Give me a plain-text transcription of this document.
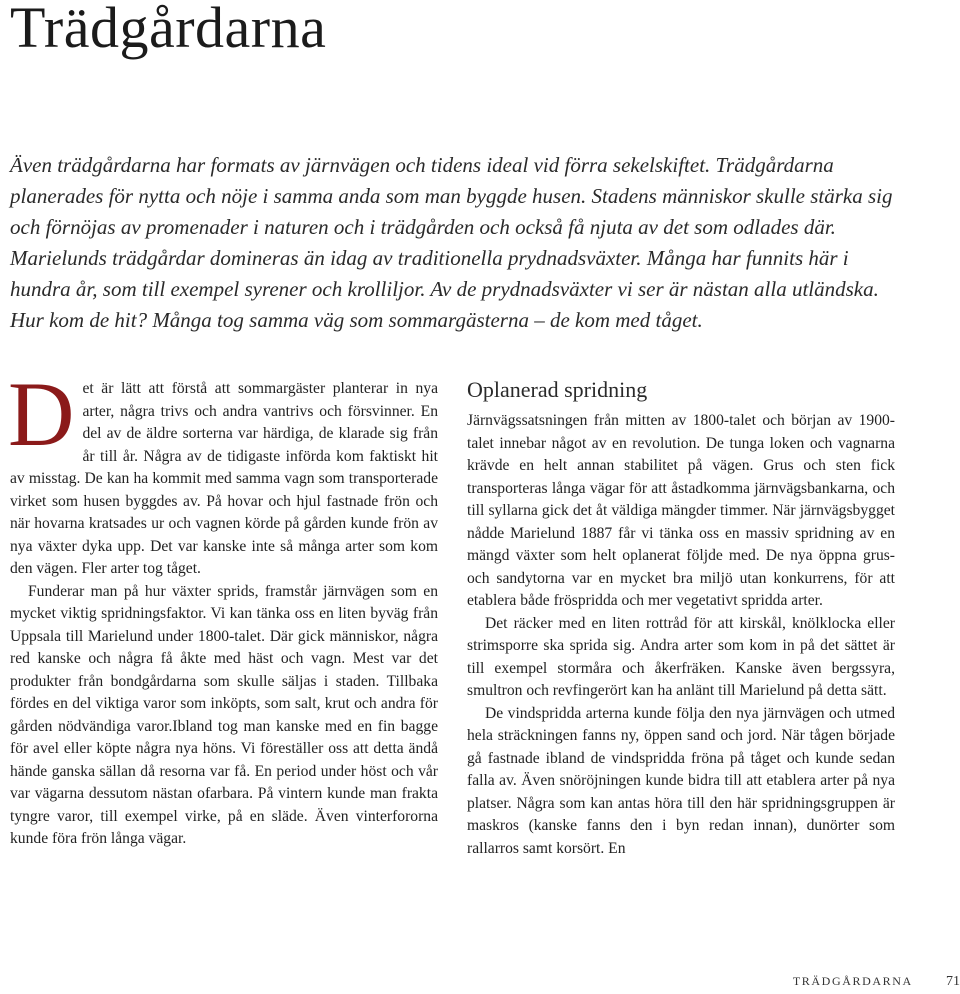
Trädgårdarna

Även trädgårdarna har formats av järnvägen och tidens ideal vid förra sekelskiftet. Trädgårdarna planerades för nytta och nöje i samma anda som man byggde husen. Stadens människor skulle stärka sig och förnöjas av promenader i naturen och i trädgården och också få njuta av det som odlades där. Marielunds trädgårdar domineras än idag av traditionella prydnadsväxter. Många har funnits här i hundra år, som till exempel syrener och krolliljor. Av de prydnadsväxter vi ser är nästan alla utländska. Hur kom de hit? Många tog samma väg som sommargästerna – de kom med tåget.

Det är lätt att förstå att sommargäster planterar in nya arter, några trivs och andra vantrivs och försvinner. En del av de äldre sorterna var härdiga, de klarade sig från år till år. Några av de tidigaste införda kom faktiskt hit av misstag. De kan ha kommit med samma vagn som transporterade virket som husen byggdes av. På hovar och hjul fastnade frön och när hovarna kratsades ur och vagnen körde på gården kunde frön av nya växter dyka upp. Det var kanske inte så många arter som kom den vägen. Fler arter tog tåget.

Funderar man på hur växter sprids, framstår järnvägen som en mycket viktig spridningsfaktor. Vi kan tänka oss en liten byväg från Uppsala till Marielund under 1800-talet. Där gick människor, några red kanske och några få åkte med häst och vagn. Mest var det produkter från bondgårdarna som skulle säljas i staden. Tillbaka fördes en del viktiga varor som inköpts, som salt, krut och andra för gården nödvändiga varor.Ibland tog man kanske med en fin bagge för avel eller köpte några nya höns. Vi föreställer oss att detta ändå hände ganska sällan då resorna var få. En period under höst och vår var vägarna dessutom nästan ofarbara. På vintern kunde man frakta tyngre varor, till exempel virke, på en släde. Även vinterfororna kunde föra frön långa vägar.

Oplanerad spridning

Järnvägssatsningen från mitten av 1800-talet och början av 1900-talet innebar något av en revolution. De tunga loken och vagnarna krävde en helt annan stabilitet på vägen. Grus och sten fick transporteras långa vägar för att åstadkomma järnvägsbankarna, och till syllarna gick det åt väldiga mängder timmer. När järnvägsbygget nådde Marielund 1887 får vi tänka oss en massiv spridning av en mängd växter som helt oplanerat följde med. De nya öppna grus- och sandytorna var en mycket bra miljö utan konkurrens, för att etablera både fröspridda och mer vegetativt spridda arter.

Det räcker med en liten rottråd för att kirskål, knölklocka eller strimsporre ska sprida sig. Andra arter som kom in på det sättet är till exempel stormåra och åkerfräken. Kanske även bergssyra, smultron och revfingerört kan ha anlänt till Marielund på detta sätt.

De vindspridda arterna kunde följa den nya järnvägen och utmed hela sträckningen fanns ny, öppen sand och jord. När tågen började gå fastnade ibland de vindspridda fröna på tåget och kunde sedan falla av. Även snöröjningen kunde bidra till att etablera arter på nya platser. Några som kan antas höra till den här spridningsgruppen är maskros (kanske fanns den i byn redan innan), dunörter som rallarros samt korsört. En

TRÄDGÅRDARNA 71
